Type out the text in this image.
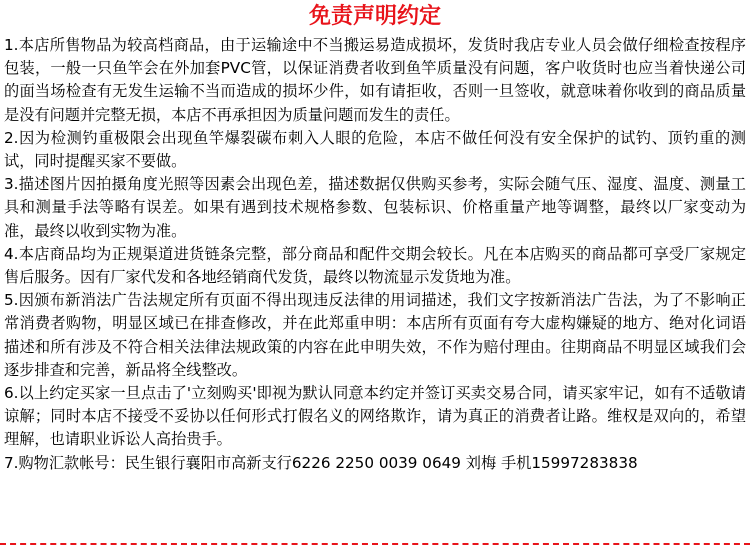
免责声明约定

1.本店所售物品为较高档商品，由于运输途中不当搬运易造成损坏，发货时我店专业人员会做仔细检查按程序包装，一般一只鱼竿会在外加套PVC管，以保证消费者收到鱼竿质量没有问题，客户收货时也应当着快递公司的面当场检查有无发生运输不当而造成的损坏少件，如有请拒收，否则一旦签收，就意味着你收到的商品质量是没有问题并完整无损，本店不再承担因为质量问题而发生的责任。

2.因为检测钓重极限会出现鱼竿爆裂碳布刺入人眼的危险，本店不做任何没有安全保护的试钓、顶钓重的测试，同时提醒买家不要做。

3.描述图片因拍摄角度光照等因素会出现色差，描述数据仅供购买参考，实际会随气压、湿度、温度、测量工具和测量手法等略有误差。如果有遇到技术规格参数、包装标识、价格重量产地等调整，最终以厂家变动为准，最终以收到实物为准。

4.本店商品均为正规渠道进货链条完整，部分商品和配件交期会较长。凡在本店购买的商品都可享受厂家规定售后服务。因有厂家代发和各地经销商代发货，最终以物流显示发货地为准。

5.因颁布新消法广告法规定所有页面不得出现违反法律的用词描述，我们文字按新消法广告法，为了不影响正常消费者购物，明显区域已在排查修改，并在此郑重申明：本店所有页面有夸大虚构嫌疑的地方、绝对化词语描述和所有涉及不符合相关法律法规政策的内容在此申明失效，不作为赔付理由。往期商品不明显区域我们会逐步排查和完善，新品将全线整改。

6.以上约定买家一旦点击了'立刻购买'即视为默认同意本约定并签订买卖交易合同，请买家牢记，如有不适敬请谅解；同时本店不接受不妥协以任何形式打假名义的网络欺诈，请为真正的消费者让路。维权是双向的，希望理解，也请职业诉讼人高抬贵手。

7.购物汇款帐号：民生银行襄阳市高新支行6226 2250 0039 0649 刘梅 手机15997283838
